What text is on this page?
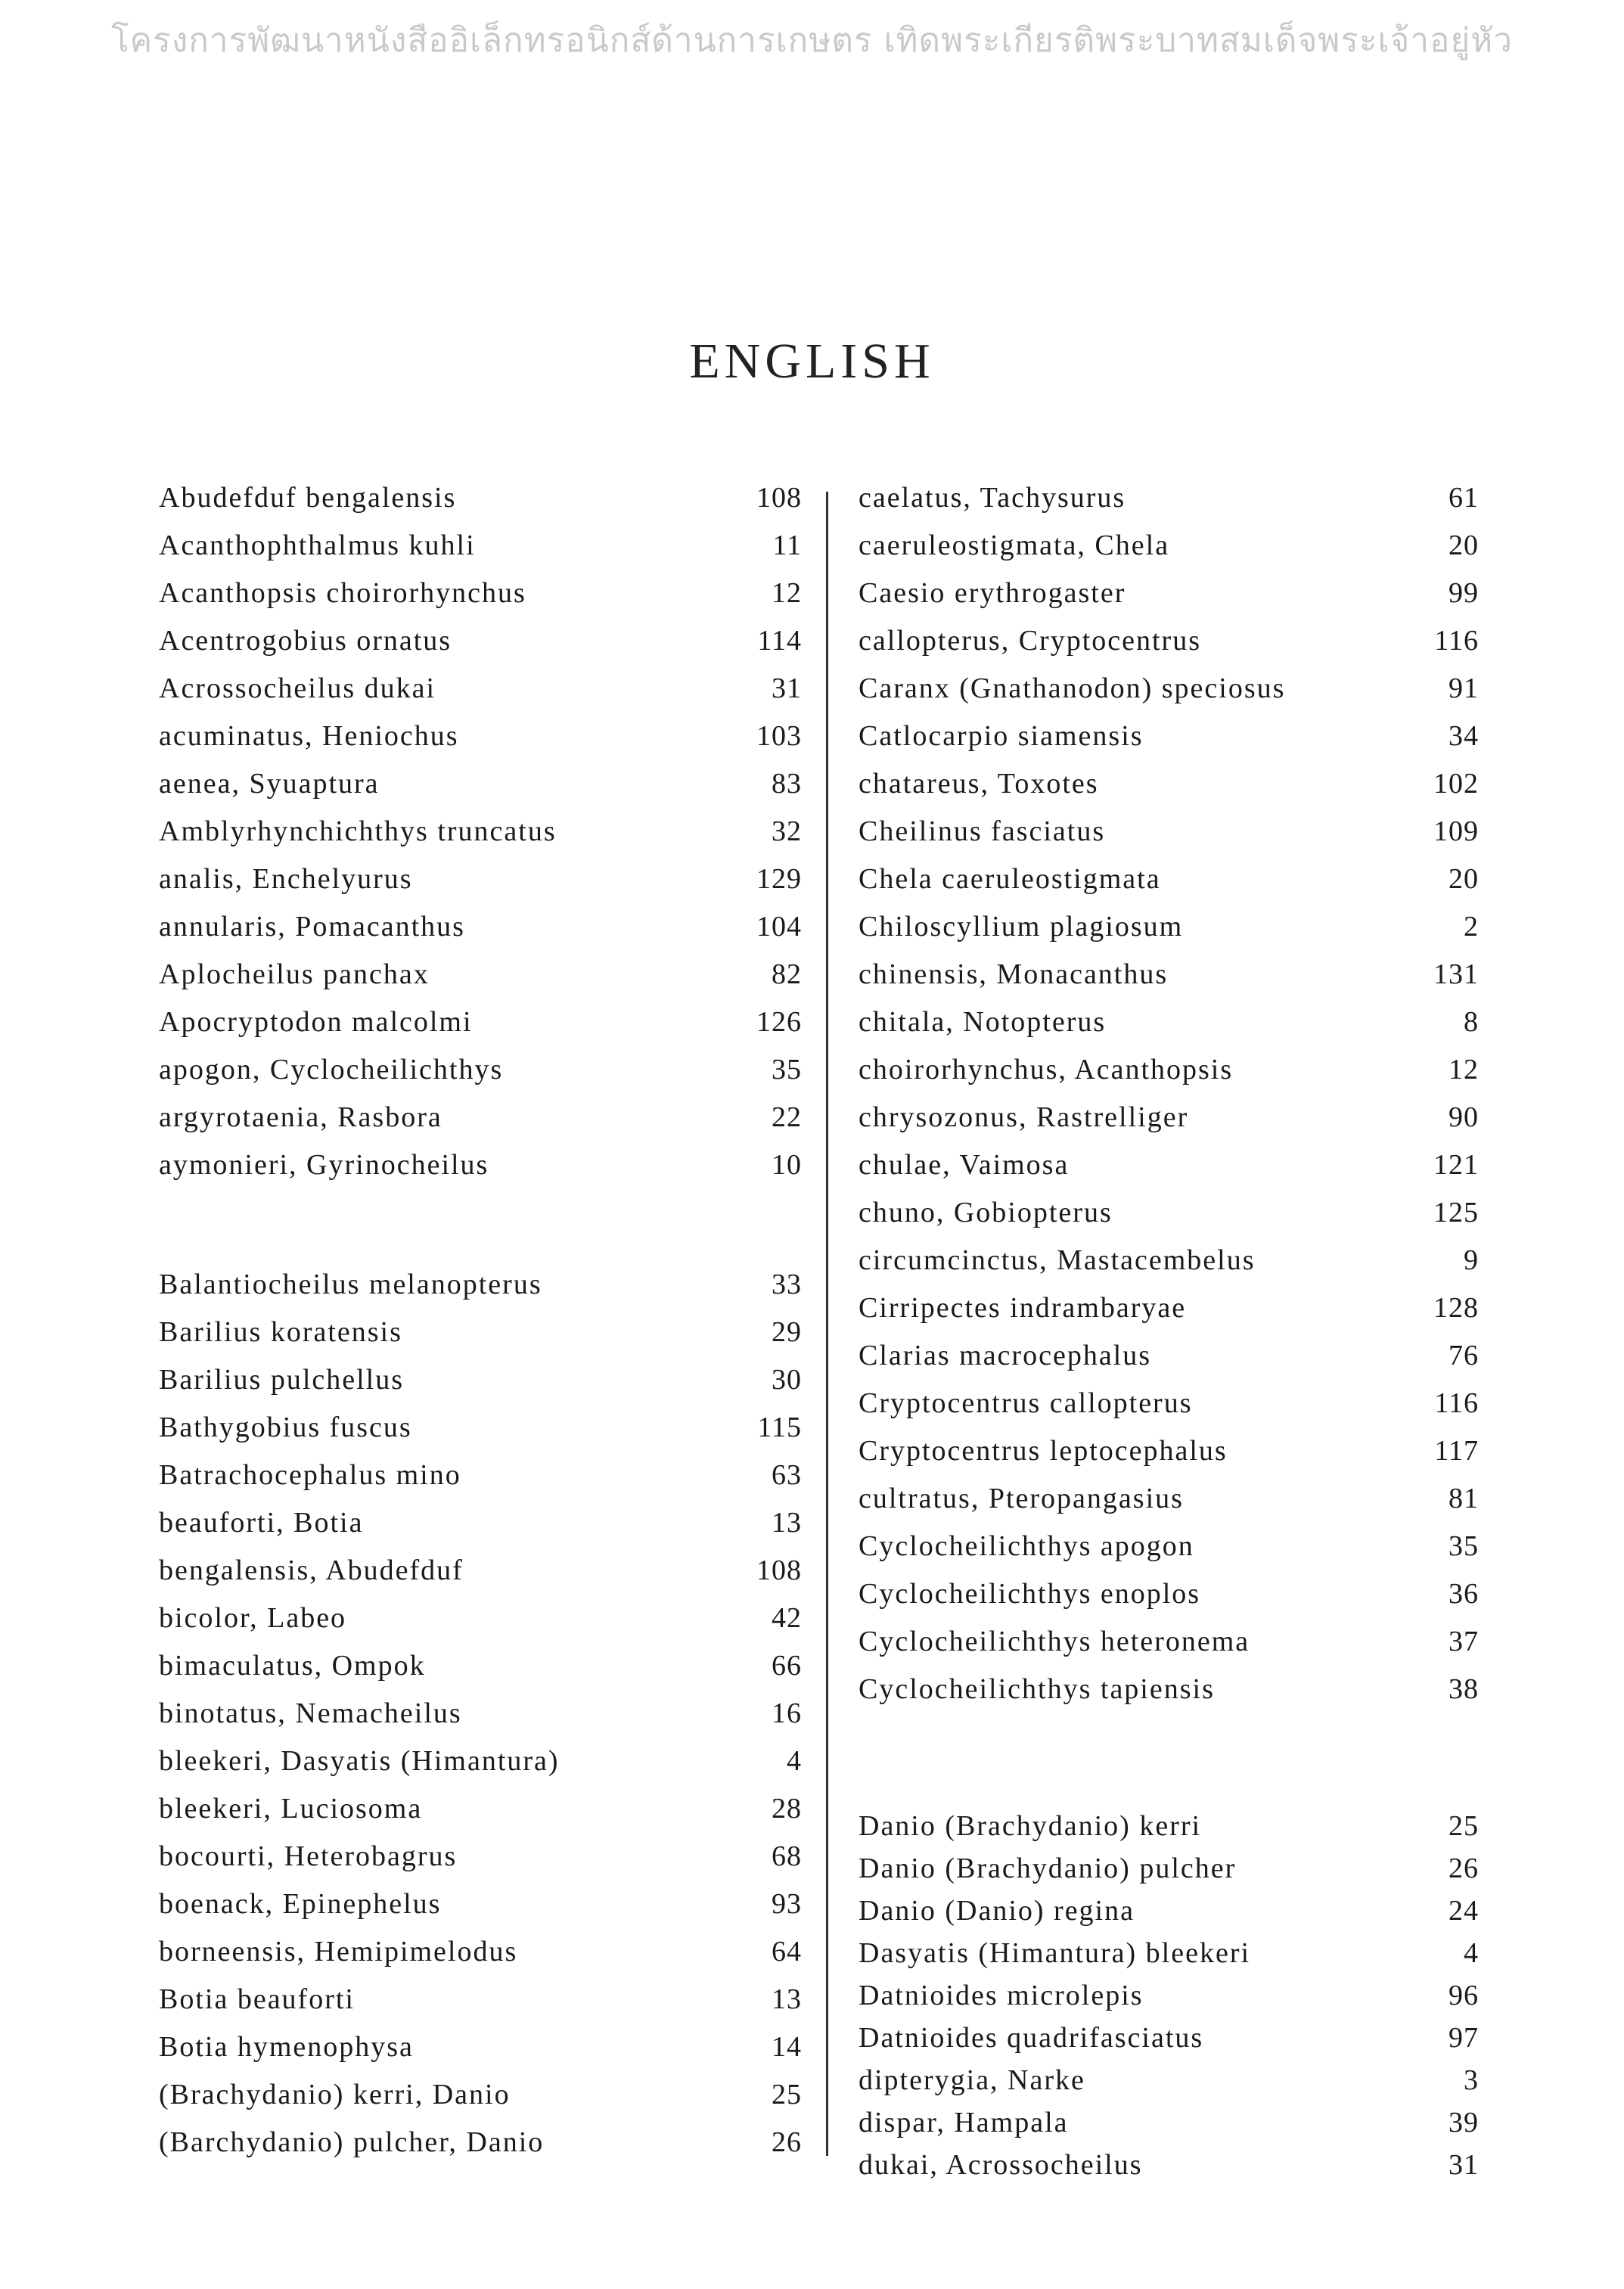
โครงการพัฒนาหนังสืออิเล็กทรอนิกส์ด้านการเกษตร เทิดพระเกียรติพระบาทสมเด็จพระเจ้าอยู่หัว
ENGLISH
Abudefduf bengalensis	108
Acanthophthalmus kuhli	11
Acanthopsis choirorhynchus	12
Acentrogobius ornatus	114
Acrossocheilus dukai	31
acuminatus, Heniochus	103
aenea, Syuaptura	83
Amblyrhynchichthys truncatus	32
analis, Enchelyurus	129
annularis, Pomacanthus	104
Aplocheilus panchax	82
Apocryptodon malcolmi	126
apogon, Cyclocheilichthys	35
argyrotaenia, Rasbora	22
aymonieri, Gyrinocheilus	10
Balantiocheilus melanopterus	33
Barilius koratensis	29
Barilius pulchellus	30
Bathygobius fuscus	115
Batrachocephalus mino	63
beauforti, Botia	13
bengalensis, Abudefduf	108
bicolor, Labeo	42
bimaculatus, Ompok	66
binotatus, Nemacheilus	16
bleekeri, Dasyatis (Himantura)	4
bleekeri, Luciosoma	28
bocourti, Heterobagrus	68
boenack, Epinephelus	93
borneensis, Hemipimelodus	64
Botia beauforti	13
Botia hymenophysa	14
(Brachydanio) kerri, Danio	25
(Barchydanio) pulcher, Danio	26
caelatus, Tachysurus	61
caeruleostigmata, Chela	20
Caesio erythrogaster	99
callopterus, Cryptocentrus	116
Caranx (Gnathanodon) speciosus	91
Catlocarpio siamensis	34
chatareus, Toxotes	102
Cheilinus fasciatus	109
Chela caeruleostigmata	20
Chiloscyllium plagiosum	2
chinensis, Monacanthus	131
chitala, Notopterus	8
choirorhynchus, Acanthopsis	12
chrysozonus, Rastrelliger	90
chulae, Vaimosa	121
chuno, Gobiopterus	125
circumcinctus, Mastacembelus	9
Cirripectes indrambaryae	128
Clarias macrocephalus	76
Cryptocentrus callopterus	116
Cryptocentrus leptocephalus	117
cultratus, Pteropangasius	81
Cyclocheilichthys apogon	35
Cyclocheilichthys enoplos	36
Cyclocheilichthys heteronema	37
Cyclocheilichthys tapiensis	38
Danio (Brachydanio) kerri	25
Danio (Brachydanio) pulcher	26
Danio (Danio) regina	24
Dasyatis (Himantura) bleekeri	4
Datnioides microlepis	96
Datnioides quadrifasciatus	97
dipterygia, Narke	3
dispar, Hampala	39
dukai, Acrossocheilus	31
